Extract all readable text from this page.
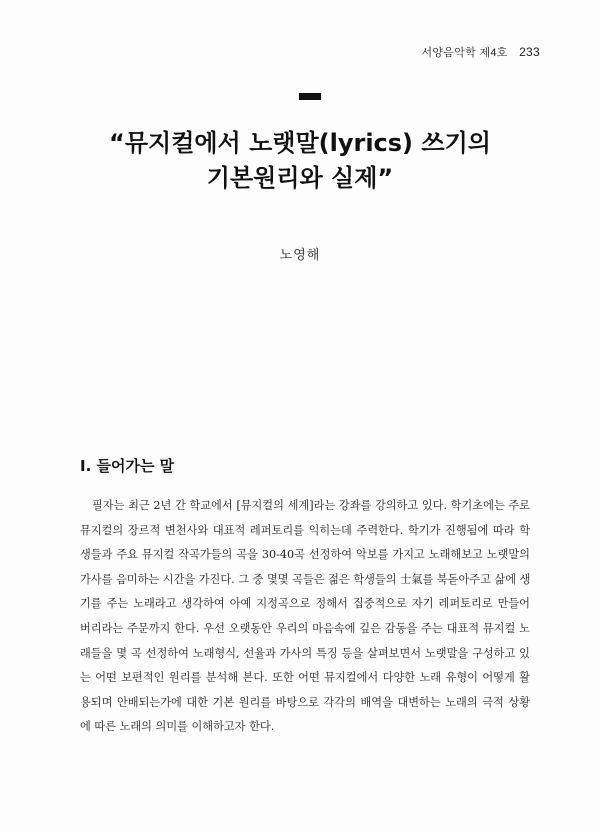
서양음악학 제4호 233
“뮤지컬에서 노랫말(lyrics) 쓰기의
기본원리와 실제”
노영해
I. 들어가는 말
필자는 최근 2년 간 학교에서 [뮤지컬의 세계]라는 강좌를 강의하고 있다. 학기초에는 주로
뮤지컬의 장르적 변천사와 대표적 레퍼토리를 익히는데 주력한다. 학기가 진행됨에 따라 학
생들과 주요 뮤지컬 작곡가들의 곡을 30-40곡 선정하여 악보를 가지고 노래해보고 노랫말의
가사를 음미하는 시간을 가진다. 그 중 몇몇 곡들은 젊은 학생들의 士氣를 북돋아주고 삶에 생
기를 주는 노래라고 생각하여 아예 지정곡으로 정해서 집중적으로 자기 레퍼토리로 만들어
버리라는 주문까지 한다. 우선 오랫동안 우리의 마음속에 깊은 감동을 주는 대표적 뮤지컬 노
래들을 몇 곡 선정하여 노래형식, 선율과 가사의 특징 등을 살펴보면서 노랫말을 구성하고 있
는 어떤 보편적인 원리를 분석해 본다. 또한 어떤 뮤지컬에서 다양한 노래 유형이 어떻게 활
용되며 안배되는가에 대한 기본 원리를 바탕으로 각각의 배역을 대변하는 노래의 극적 상황
에 따른 노래의 의미를 이해하고자 한다.
